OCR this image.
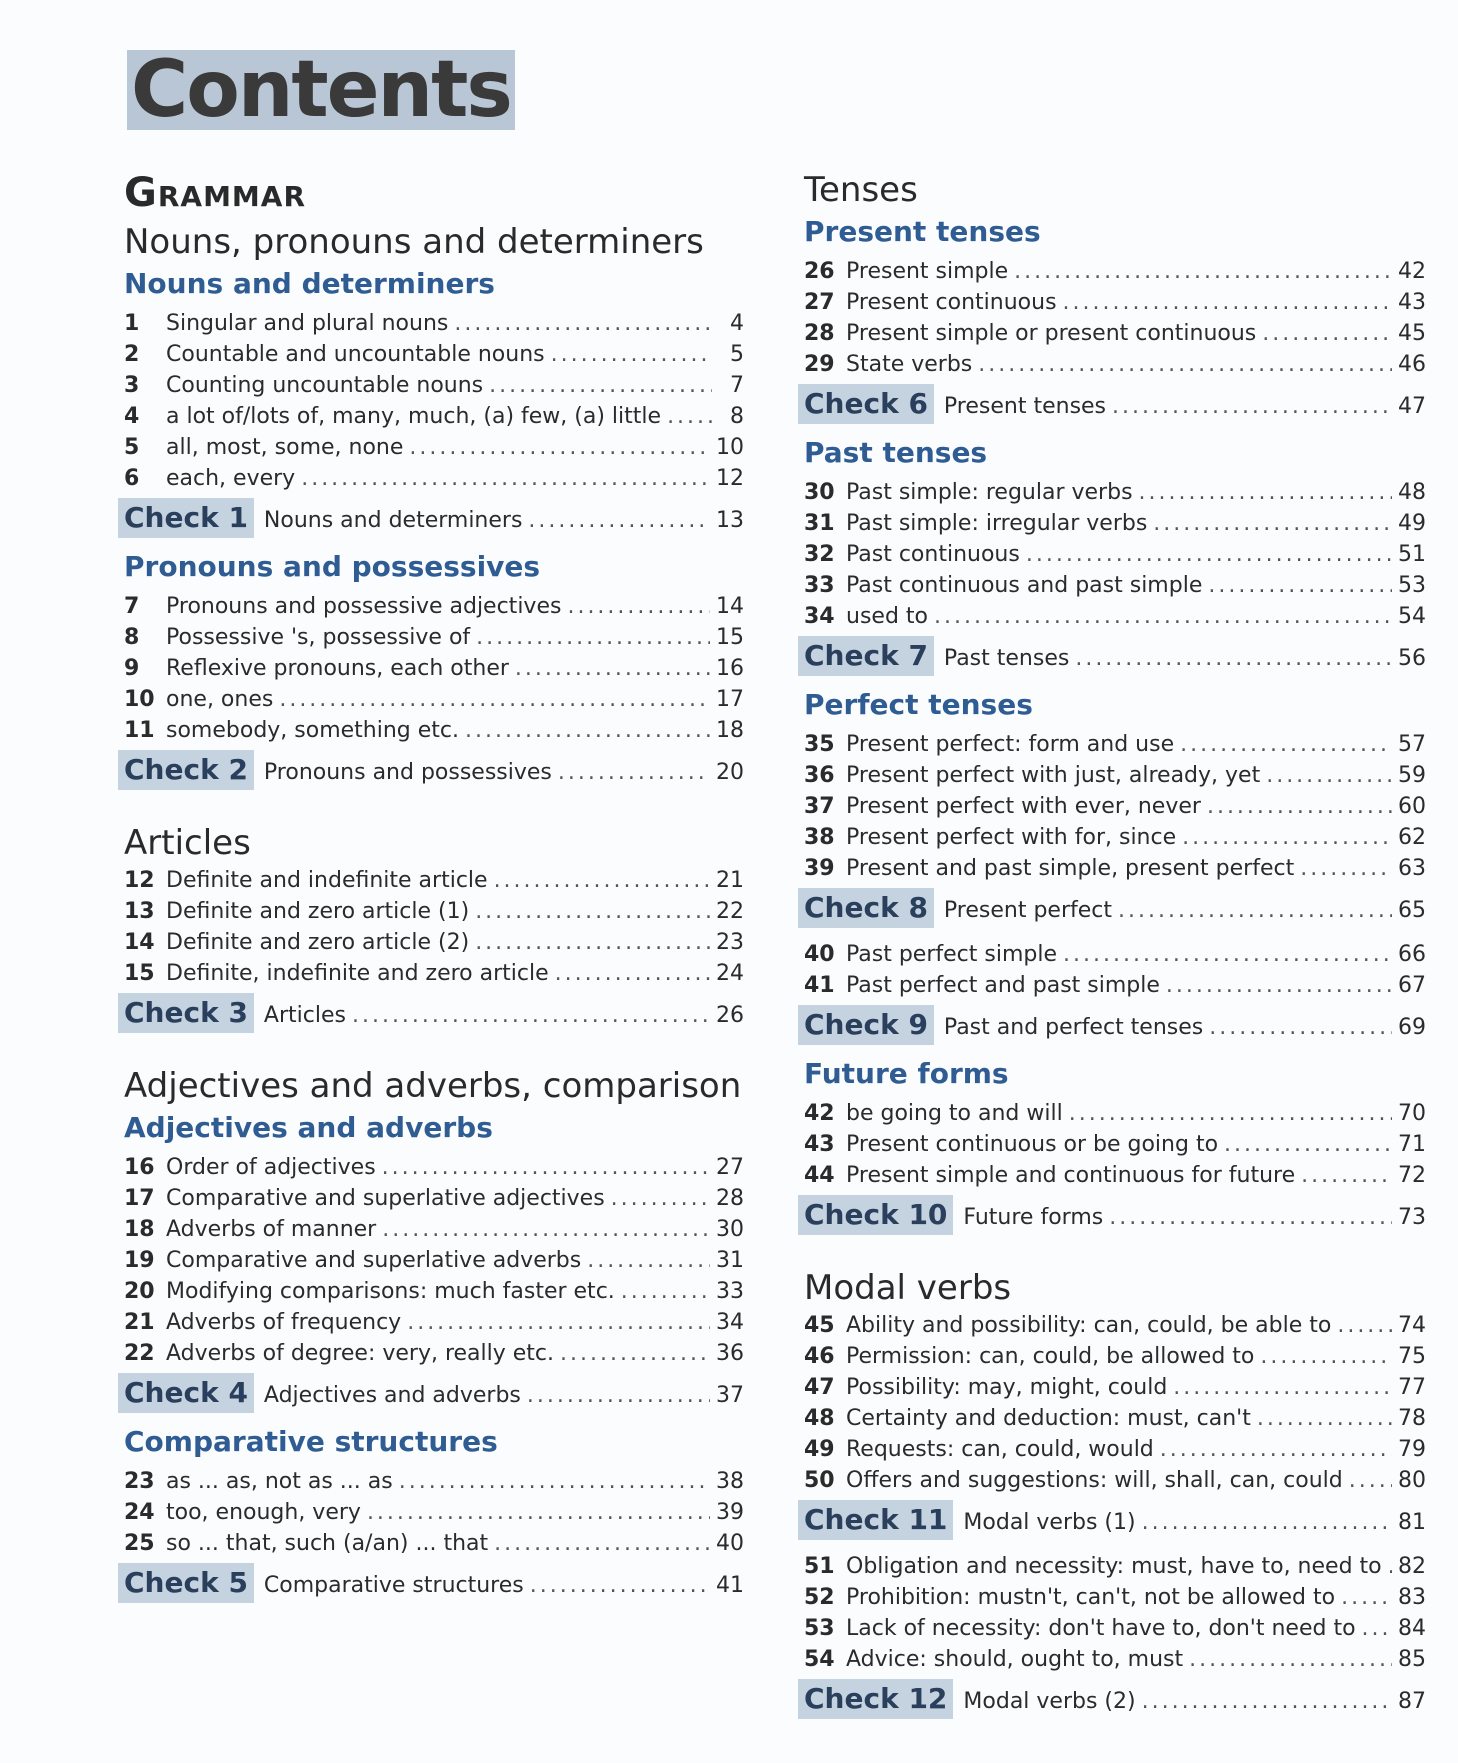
Contents
Grammar
Nouns, pronouns and determiners
Nouns and determiners
1	Singular and plural nouns .....	4
2	Countable and uncountable nouns .....	5
3	Counting uncountable nouns .....	7
4	a lot of/lots of, many, much, (a) few, (a) little .....	8
5	all, most, some, none .....	10
6	each, every .....	12
Check 1 Nouns and determiners .....	13
Pronouns and possessives
7	Pronouns and possessive adjectives .....	14
8	Possessive 's, possessive of .....	15
9	Reflexive pronouns, each other .....	16
10 one, ones .....	17
11 somebody, something etc. .....	18
Check 2 Pronouns and possessives .....	20
Articles
12 Definite and indefinite article .....	21
13 Definite and zero article (1) .....	22
14 Definite and zero article (2) .....	23
15 Definite, indefinite and zero article .....	24
Check 3 Articles .....	26
Adjectives and adverbs, comparison
Adjectives and adverbs
16 Order of adjectives .....	27
17 Comparative and superlative adjectives .....	28
18 Adverbs of manner .....	30
19 Comparative and superlative adverbs .....	31
20 Modifying comparisons: much faster etc. .....	33
21 Adverbs of frequency .....	34
22 Adverbs of degree: very, really etc. .....	36
Check 4 Adjectives and adverbs .....	37
Comparative structures
23 as ... as, not as ... as .....	38
24 too, enough, very .....	39
25 so ... that, such (a/an) ... that .....	40
Check 5 Comparative structures .....	41
Tenses
Present tenses
26 Present simple .....	42
27 Present continuous .....	43
28 Present simple or present continuous .....	45
29 State verbs .....	46
Check 6 Present tenses .....	47
Past tenses
30 Past simple: regular verbs .....	48
31 Past simple: irregular verbs .....	49
32 Past continuous .....	51
33 Past continuous and past simple .....	53
34 used to .....	54
Check 7 Past tenses .....	56
Perfect tenses
35 Present perfect: form and use .....	57
36 Present perfect with just, already, yet .....	59
37 Present perfect with ever, never .....	60
38 Present perfect with for, since .....	62
39 Present and past simple, present perfect .....	63
Check 8 Present perfect .....	65
40 Past perfect simple .....	66
41 Past perfect and past simple .....	67
Check 9 Past and perfect tenses .....	69
Future forms
42 be going to and will .....	70
43 Present continuous or be going to .....	71
44 Present simple and continuous for future .....	72
Check 10 Future forms .....	73
Modal verbs
45 Ability and possibility: can, could, be able to .....	74
46 Permission: can, could, be allowed to .....	75
47 Possibility: may, might, could .....	77
48 Certainty and deduction: must, can't .....	78
49 Requests: can, could, would .....	79
50 Offers and suggestions: will, shall, can, could .....	80
Check 11 Modal verbs (1) .....	81
51 Obligation and necessity: must, have to, need to ..... 82
52 Prohibition: mustn't, can't, not be allowed to .....	83
53 Lack of necessity: don't have to, don't need to ..... 84
54 Advice: should, ought to, must .....	85
Check 12 Modal verbs (2) .....	87
